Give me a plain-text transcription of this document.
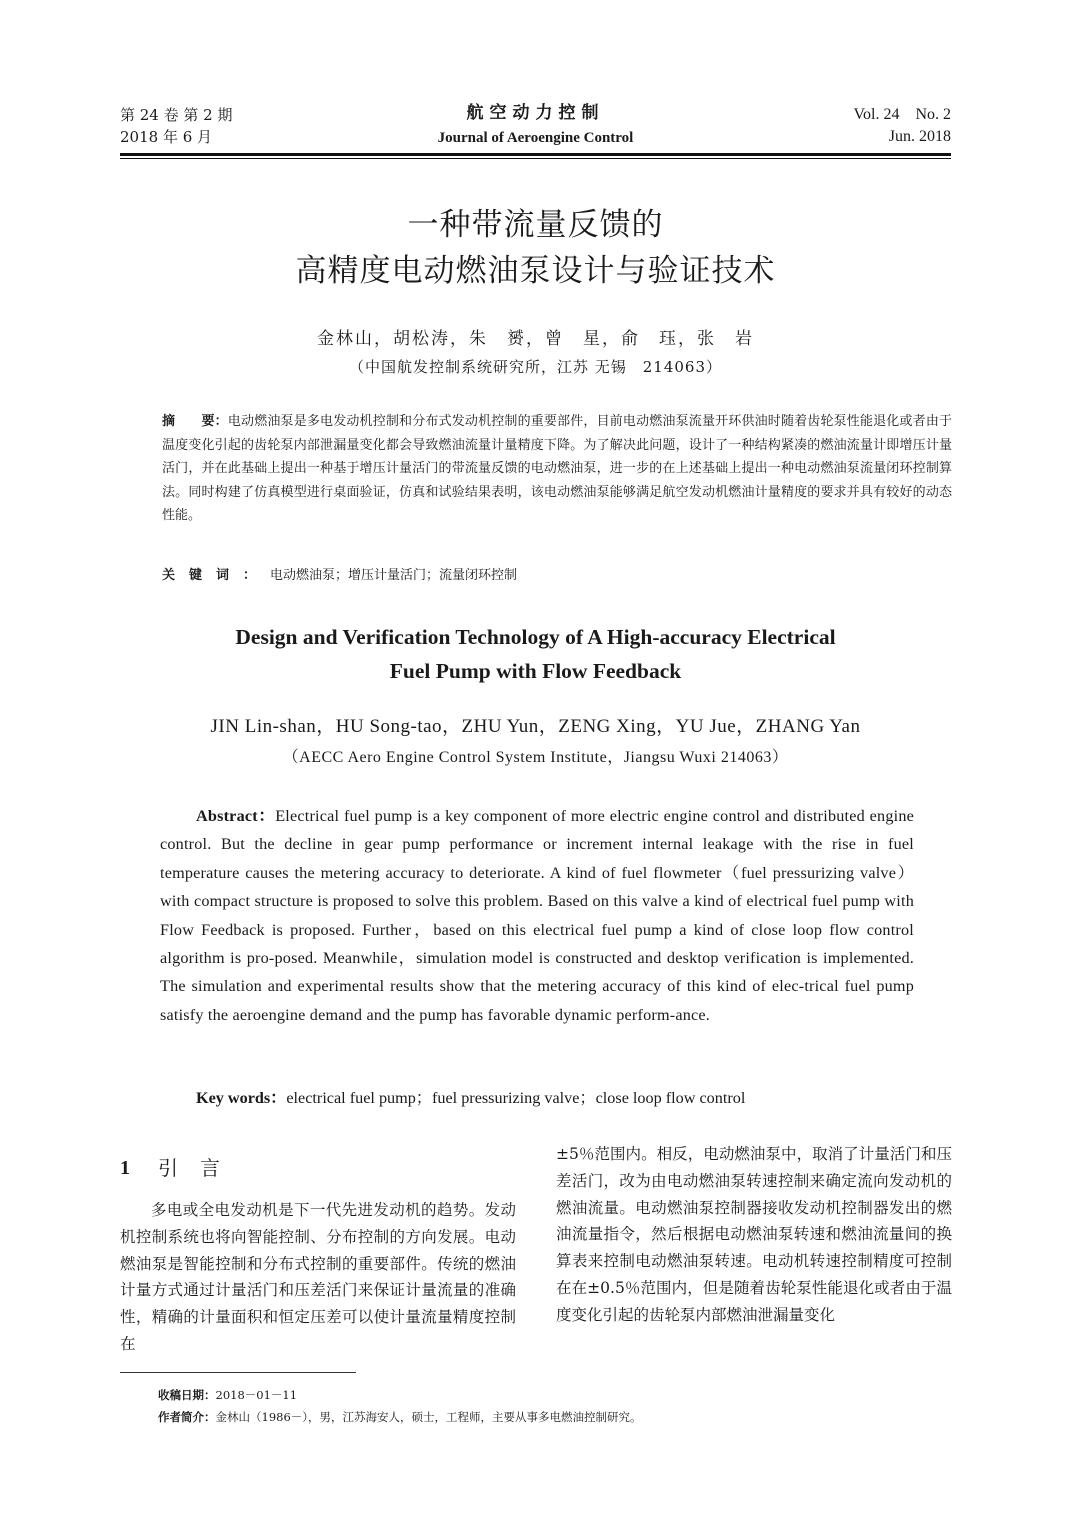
第 24 卷 第 2 期
2018 年 6 月
航空动力控制
Journal of Aeroengine Control
Vol. 24    No. 2
Jun. 2018
一种带流量反馈的
高精度电动燃油泵设计与验证技术
金林山，胡松涛，朱　赟，曾　星，俞　珏，张　岩
（中国航发控制系统研究所，江苏 无锡　214063）
摘　　要：电动燃油泵是多电发动机控制和分布式发动机控制的重要部件，目前电动燃油泵流量开环供油时随着齿轮泵性能退化或者由于温度变化引起的齿轮泵内部泄漏量变化都会导致燃油流量计量精度下降。为了解决此问题，设计了一种结构紧凑的燃油流量计即增压计量活门，并在此基础上提出一种基于增压计量活门的带流量反馈的电动燃油泵，进一步的在上述基础上提出一种电动燃油泵流量闭环控制算法。同时构建了仿真模型进行桌面验证，仿真和试验结果表明，该电动燃油泵能够满足航空发动机燃油计量精度的要求并具有较好的动态性能。
关键词：电动燃油泵；增压计量活门；流量闭环控制
Design and Verification Technology of A High-accuracy Electrical
Fuel Pump with Flow Feedback
JIN Lin-shan，HU Song-tao，ZHU Yun，ZENG Xing，YU Jue，ZHANG Yan
（AECC Aero Engine Control System Institute，Jiangsu Wuxi 214063）
Abstract：Electrical fuel pump is a key component of more electric engine control and distributed engine control. But the decline in gear pump performance or increment internal leakage with the rise in fuel temperature causes the metering accuracy to deteriorate. A kind of fuel flowmeter（fuel pressurizing valve）with compact structure is proposed to solve this problem. Based on this valve a kind of electrical fuel pump with Flow Feedback is proposed. Further，based on this electrical fuel pump a kind of close loop flow control algorithm is pro-posed. Meanwhile，simulation model is constructed and desktop verification is implemented. The simulation and experimental results show that the metering accuracy of this kind of elec-trical fuel pump satisfy the aeroengine demand and the pump has favorable dynamic perform-ance.
Key words：electrical fuel pump；fuel pressurizing valve；close loop flow control
1 引言

多电或全电发动机是下一代先进发动机的趋势。发动机控制系统也将向智能控制、分布控制的方向发展。电动燃油泵是智能控制和分布式控制的重要部件。传统的燃油计量方式通过计量活门和压差活门来保证计量流量的准确性，精确的计量面积和恒定压差可以使计量流量精度控制在

±5％范围内。相反，电动燃油泵中，取消了计量活门和压差活门，改为由电动燃油泵转速控制来确定流向发动机的燃油流量。电动燃油泵控制器接收发动机控制器发出的燃油流量指令，然后根据电动燃油泵转速和燃油流量间的换算表来控制电动燃油泵转速。电动机转速控制精度可控制在在±0.5％范围内，但是随着齿轮泵性能退化或者由于温度变化引起的齿轮泵内部燃油泄漏量变化

收稿日期：2018－01－11
作者简介：金林山（1986－），男，江苏海安人，硕士，工程师，主要从事多电燃油控制研究。
